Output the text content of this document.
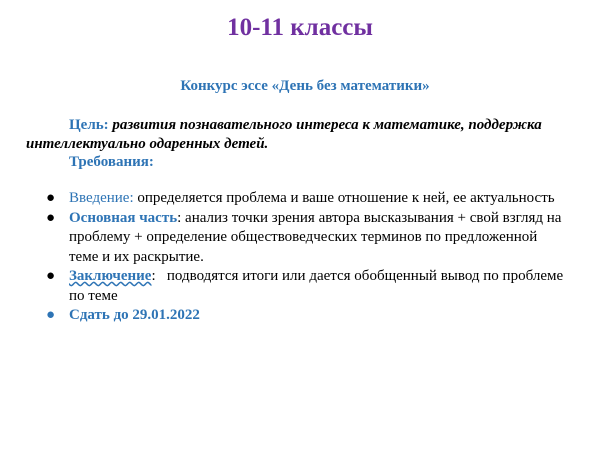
10-11 классы

Конкурс эссе «День без математики»

Цель: развития познавательного интереса к математике, поддержка интеллектуально одаренных детей.

Требования:

● Введение: определяется проблема и ваше отношение к ней, ее актуальность
● Основная часть: анализ точки зрения автора высказывания + свой взгляд на проблему + определение обществоведческих терминов по предложенной теме и их раскрытие.
● Заключение:   подводятся итоги или дается обобщенный вывод по проблеме по теме
● Сдать до 29.01.2022
